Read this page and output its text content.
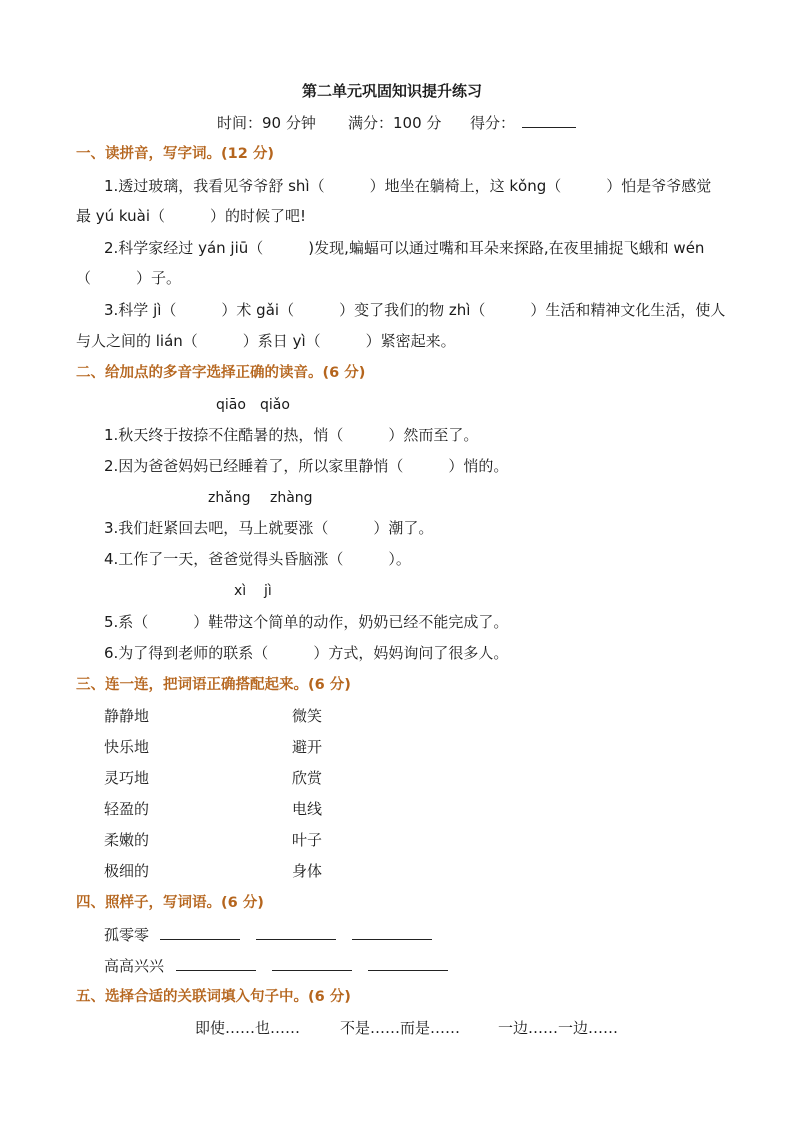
第二单元巩固知识提升练习
时间：90 分钟 满分：100 分 得分：
一、读拼音，写字词。(12 分)
1.透过玻璃，我看见爷爷舒 shì（　　　）地坐在躺椅上，这 kǒng（　　　）怕是爷爷感觉
最 yú kuài（　　　）的时候了吧!
2.科学家经过 yán jiū（　　　)发现,蝙蝠可以通过嘴和耳朵来探路,在夜里捕捉飞蛾和 wén
（　　　）子。
3.科学 jì（　　　）术 gǎi（　　　）变了我们的物 zhì（　　　）生活和精神文化生活，使人
与人之间的 lián（　　　）系日 yì（　　　）紧密起来。
二、给加点的多音字选择正确的读音。(6 分)
qiāo qiǎo
1.秋天终于按捺不住酷暑的热，悄（　　　）然而至了。
2.因为爸爸妈妈已经睡着了，所以家里静悄（　　　）悄的。
zhǎng zhàng
3.我们赶紧回去吧，马上就要涨（　　　）潮了。
4.工作了一天，爸爸觉得头昏脑涨（　　　）。
xì jì
5.系（　　　）鞋带这个简单的动作，奶奶已经不能完成了。
6.为了得到老师的联系（　　　）方式，妈妈询问了很多人。
三、连一连，把词语正确搭配起来。(6 分)
静静地	微笑
快乐地	避开
灵巧地	欣赏
轻盈的	电线
柔嫩的	叶子
极细的	身体
四、照样子，写词语。(6 分)
孤零零
高高兴兴
五、选择合适的关联词填入句子中。(6 分)
即使……也……	不是……而是……	一边……一边……
